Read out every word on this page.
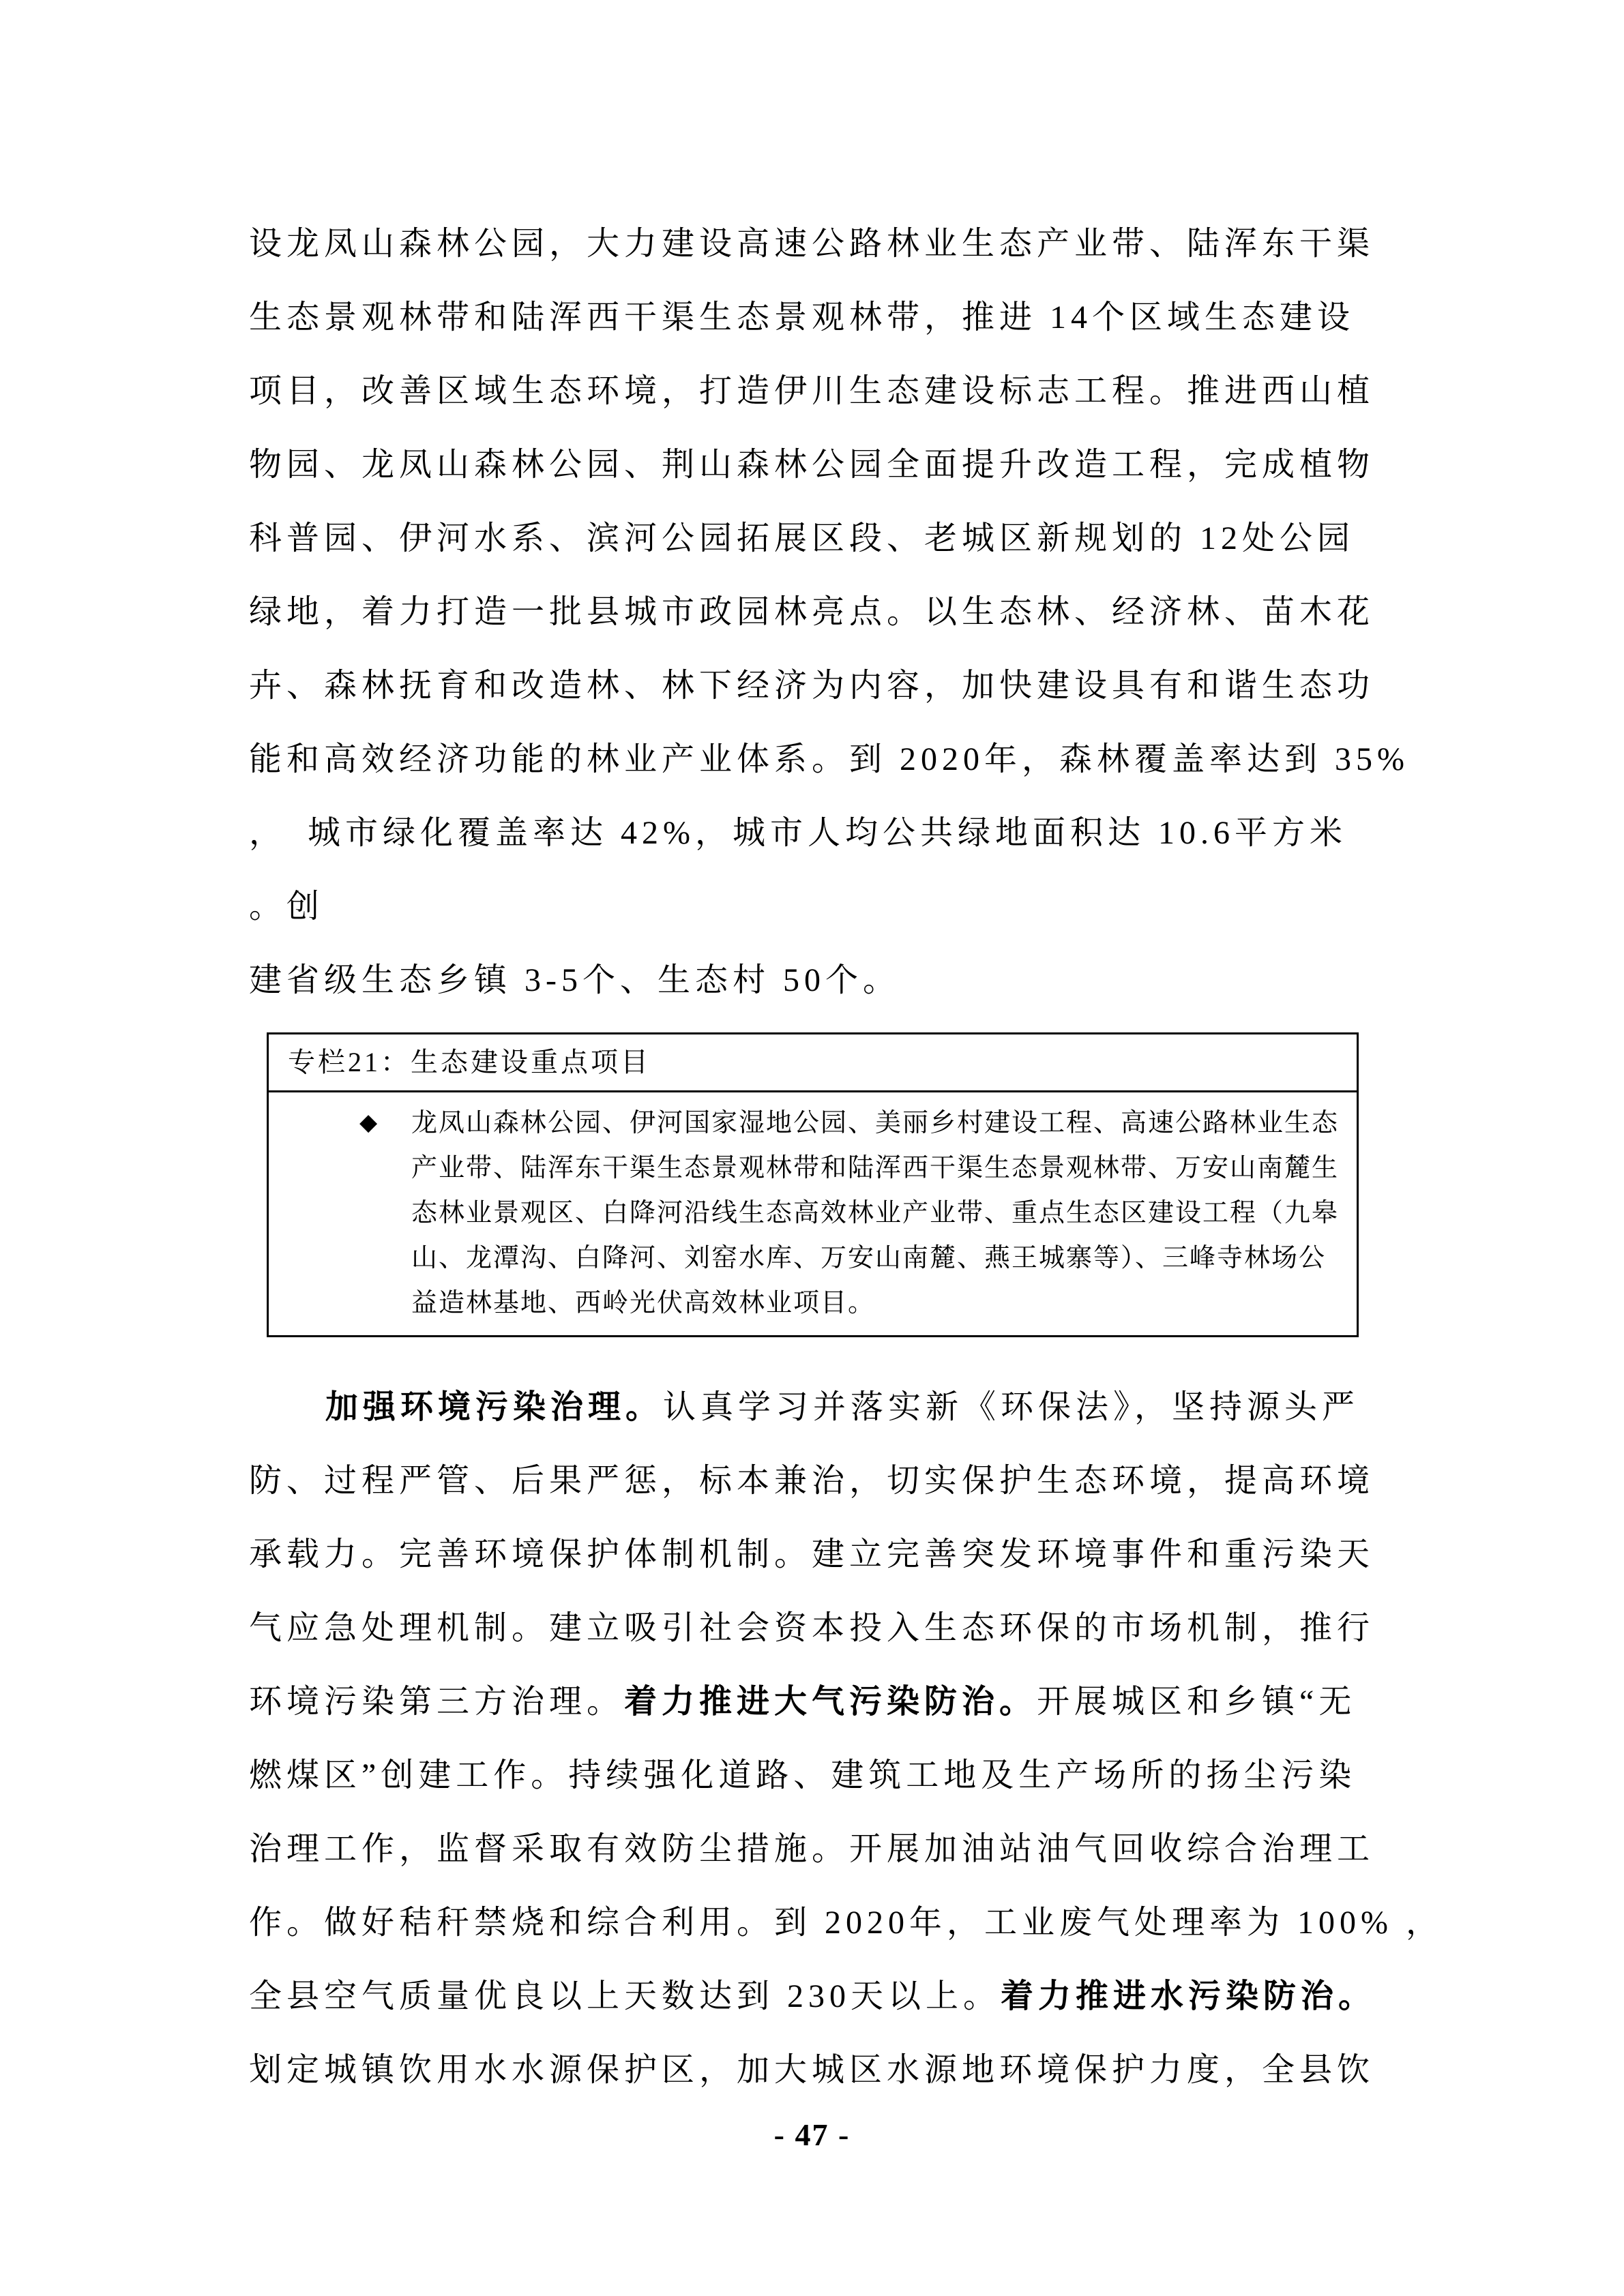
设龙凤山森林公园，大力建设高速公路林业生态产业带、陆浑东干渠
生态景观林带和陆浑西干渠生态景观林带，推进 14个区域生态建设
项目，改善区域生态环境，打造伊川生态建设标志工程。推进西山植
物园、龙凤山森林公园、荆山森林公园全面提升改造工程，完成植物
科普园、伊河水系、滨河公园拓展区段、老城区新规划的 12处公园
绿地，着力打造一批县城市政园林亮点。以生态林、经济林、苗木花
卉、森林抚育和改造林、林下经济为内容，加快建设具有和谐生态功
能和高效经济功能的林业产业体系。到 2020年，森林覆盖率达到 35%
，　城市绿化覆盖率达 42%，城市人均公共绿地面积达 10.6平方米
。创
建省级生态乡镇 3-5个、生态村 50个。
专栏21：生态建设重点项目
◆	龙凤山森林公园、伊河国家湿地公园、美丽乡村建设工程、高速公路林业生态
产业带、陆浑东干渠生态景观林带和陆浑西干渠生态景观林带、万安山南麓生
态林业景观区、白降河沿线生态高效林业产业带、重点生态区建设工程（九皋
山、龙潭沟、白降河、刘窑水库、万安山南麓、燕王城寨等）、三峰寺林场公
益造林基地、西岭光伏高效林业项目。
加强环境污染治理。认真学习并落实新《环保法》，坚持源头严
防、过程严管、后果严惩，标本兼治，切实保护生态环境，提高环境
承载力。完善环境保护体制机制。建立完善突发环境事件和重污染天
气应急处理机制。建立吸引社会资本投入生态环保的市场机制，推行
环境污染第三方治理。着力推进大气污染防治。开展城区和乡镇“无
燃煤区”创建工作。持续强化道路、建筑工地及生产场所的扬尘污染
治理工作，监督采取有效防尘措施。开展加油站油气回收综合治理工
作。做好秸秆禁烧和综合利用。到 2020年，工业废气处理率为 100% ，
全县空气质量优良以上天数达到 230天以上。着力推进水污染防治。
划定城镇饮用水水源保护区，加大城区水源地环境保护力度，全县饮
- 47 -
